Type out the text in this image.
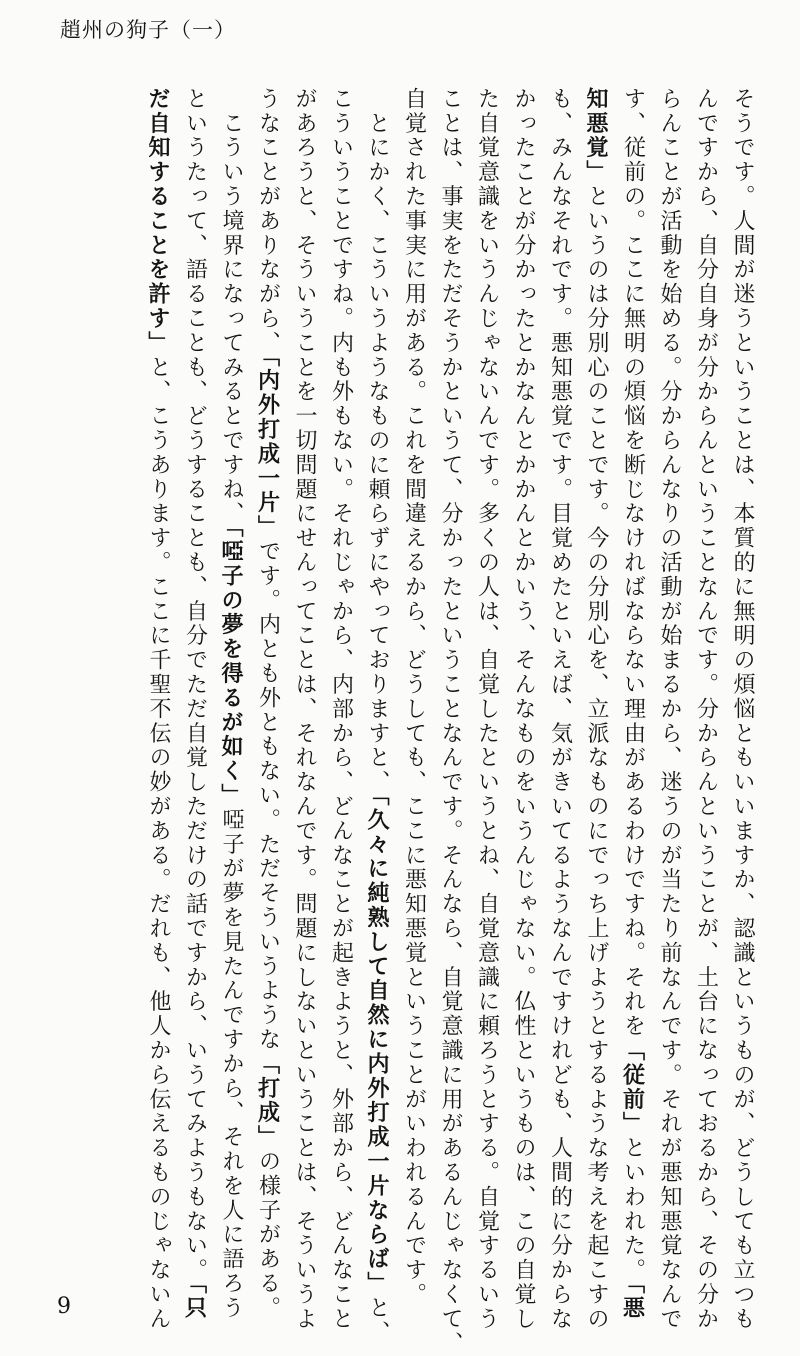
趙州の狗子（一）
そうです。人間が迷うということは、本質的に無明の煩悩ともいいますか、認識というものが、どうしても立つも
んですから、自分自身が分からんということなんです。分からんということが、土台になっておるから、その分か
らんことが活動を始める。分からんなりの活動が始まるから、迷うのが当たり前なんです。それが悪知悪覚なんで
す、従前の。ここに無明の煩悩を断じなければならない理由があるわけですね。それを「従前」といわれた。「悪
知悪覚」というのは分別心のことです。今の分別心を、立派なものにでっち上げようとするような考えを起こすの
も、みんなそれです。悪知悪覚です。目覚めたといえば、気がきいてるようなんですけれども、人間的に分からな
かったことが分かったとかなんとかかんとかいう、そんなものをいうんじゃない。仏性というものは、この自覚し
た自覚意識をいうんじゃないんです。多くの人は、自覚したというとね、自覚意識に頼ろうとする。自覚するいう
ことは、事実をただそうかというて、分かったということなんです。そんなら、自覚意識に用があるんじゃなくて、
自覚された事実に用がある。これを間違えるから、どうしても、ここに悪知悪覚ということがいわれるんです。
　とにかく、こういうようなものに頼らずにやっておりますと、「久々に純熟して自然に内外打成一片ならば」と、
こういうことですね。内も外もない。それじゃから、内部から、どんなことが起きようと、外部から、どんなこと
があろうと、そういうことを一切問題にせんってことは、それなんです。問題にしないということは、そういうよ
うなことがありながら、「内外打成一片」です。内とも外ともない。ただそういうような「打成」の様子がある。
　こういう境界になってみるとですね、「啞子の夢を得るが如く」啞子が夢を見たんですから、それを人に語ろう
というたって、語ることも、どうすることも、自分でただ自覚しただけの話ですから、いうてみようもない。「只
だ自知することを許す」と、こうあります。ここに千聖不伝の妙がある。だれも、他人から伝えるものじゃないん
9
